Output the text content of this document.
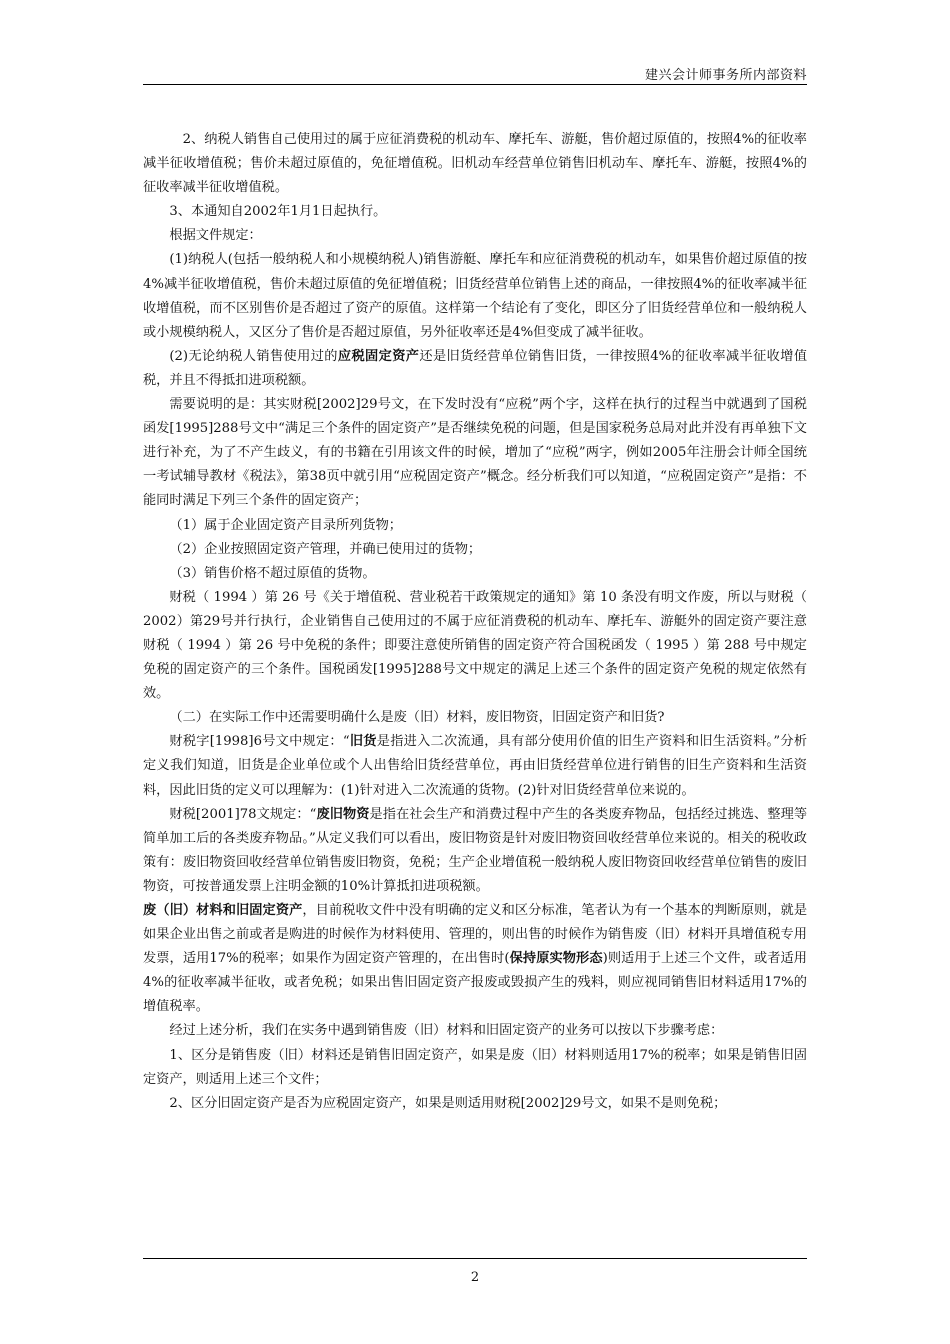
建兴会计师事务所内部资料

　2、纳税人销售自己使用过的属于应征消费税的机动车、摩托车、游艇，售价超过原值的，按照4%的征收率减半征收增值税；售价未超过原值的，免征增值税。旧机动车经营单位销售旧机动车、摩托车、游艇，按照4%的征收率减半征收增值税。

3、本通知自2002年1月1日起执行。

根据文件规定：

(1)纳税人(包括一般纳税人和小规模纳税人)销售游艇、摩托车和应征消费税的机动车，如果售价超过原值的按4%减半征收增值税，售价未超过原值的免征增值税；旧货经营单位销售上述的商品，一律按照4%的征收率减半征收增值税，而不区别售价是否超过了资产的原值。这样第一个结论有了变化，即区分了旧货经营单位和一般纳税人或小规模纳税人，又区分了售价是否超过原值，另外征收率还是4%但变成了减半征收。

(2)无论纳税人销售使用过的应税固定资产还是旧货经营单位销售旧货，一律按照4%的征收率减半征收增值税，并且不得抵扣进项税额。

需要说明的是：其实财税[2002]29号文，在下发时没有“应税”两个字，这样在执行的过程当中就遇到了国税函发[1995]288号文中“满足三个条件的固定资产”是否继续免税的问题，但是国家税务总局对此并没有再单独下文进行补充，为了不产生歧义，有的书籍在引用该文件的时候，增加了“应税”两字，例如2005年注册会计师全国统一考试辅导教材《税法》，第38页中就引用“应税固定资产”概念。经分析我们可以知道，“应税固定资产”是指：不能同时满足下列三个条件的固定资产；

（1）属于企业固定资产目录所列货物；

（2）企业按照固定资产管理，并确已使用过的货物；

（3）销售价格不超过原值的货物。

财税（ 1994 ）第 26 号《关于增值税、营业税若干政策规定的通知》第 10 条没有明文作废，所以与财税（ 2002）第29号并行执行，企业销售自己使用过的不属于应征消费税的机动车、摩托车、游艇外的固定资产要注意财税（ 1994 ）第 26 号中免税的条件；即要注意使所销售的固定资产符合国税函发（ 1995 ）第 288 号中规定免税的固定资产的三个条件。国税函发[1995]288号文中规定的满足上述三个条件的固定资产免税的规定依然有效。

（二）在实际工作中还需要明确什么是废（旧）材料，废旧物资，旧固定资产和旧货?

财税字[1998]6号文中规定：“旧货是指进入二次流通，具有部分使用价值的旧生产资料和旧生活资料。”分析定义我们知道，旧货是企业单位或个人出售给旧货经营单位，再由旧货经营单位进行销售的旧生产资料和生活资料，因此旧货的定义可以理解为：(1)针对进入二次流通的货物。(2)针对旧货经营单位来说的。

财税[2001]78文规定：“废旧物资是指在社会生产和消费过程中产生的各类废弃物品，包括经过挑选、整理等简单加工后的各类废弃物品。”从定义我们可以看出，废旧物资是针对废旧物资回收经营单位来说的。相关的税收政策有：废旧物资回收经营单位销售废旧物资，免税；生产企业增值税一般纳税人废旧物资回收经营单位销售的废旧物资，可按普通发票上注明金额的10%计算抵扣进项税额。

废（旧）材料和旧固定资产，目前税收文件中没有明确的定义和区分标准，笔者认为有一个基本的判断原则，就是如果企业出售之前或者是购进的时候作为材料使用、管理的，则出售的时候作为销售废（旧）材料开具增值税专用发票，适用17%的税率；如果作为固定资产管理的，在出售时(保持原实物形态)则适用于上述三个文件，或者适用4%的征收率减半征收，或者免税；如果出售旧固定资产报废或毁损产生的残料，则应视同销售旧材料适用17%的增值税率。

经过上述分析，我们在实务中遇到销售废（旧）材料和旧固定资产的业务可以按以下步骤考虑：

1、区分是销售废（旧）材料还是销售旧固定资产，如果是废（旧）材料则适用17%的税率；如果是销售旧固定资产，则适用上述三个文件；

2、区分旧固定资产是否为应税固定资产，如果是则适用财税[2002]29号文，如果不是则免税；

2
